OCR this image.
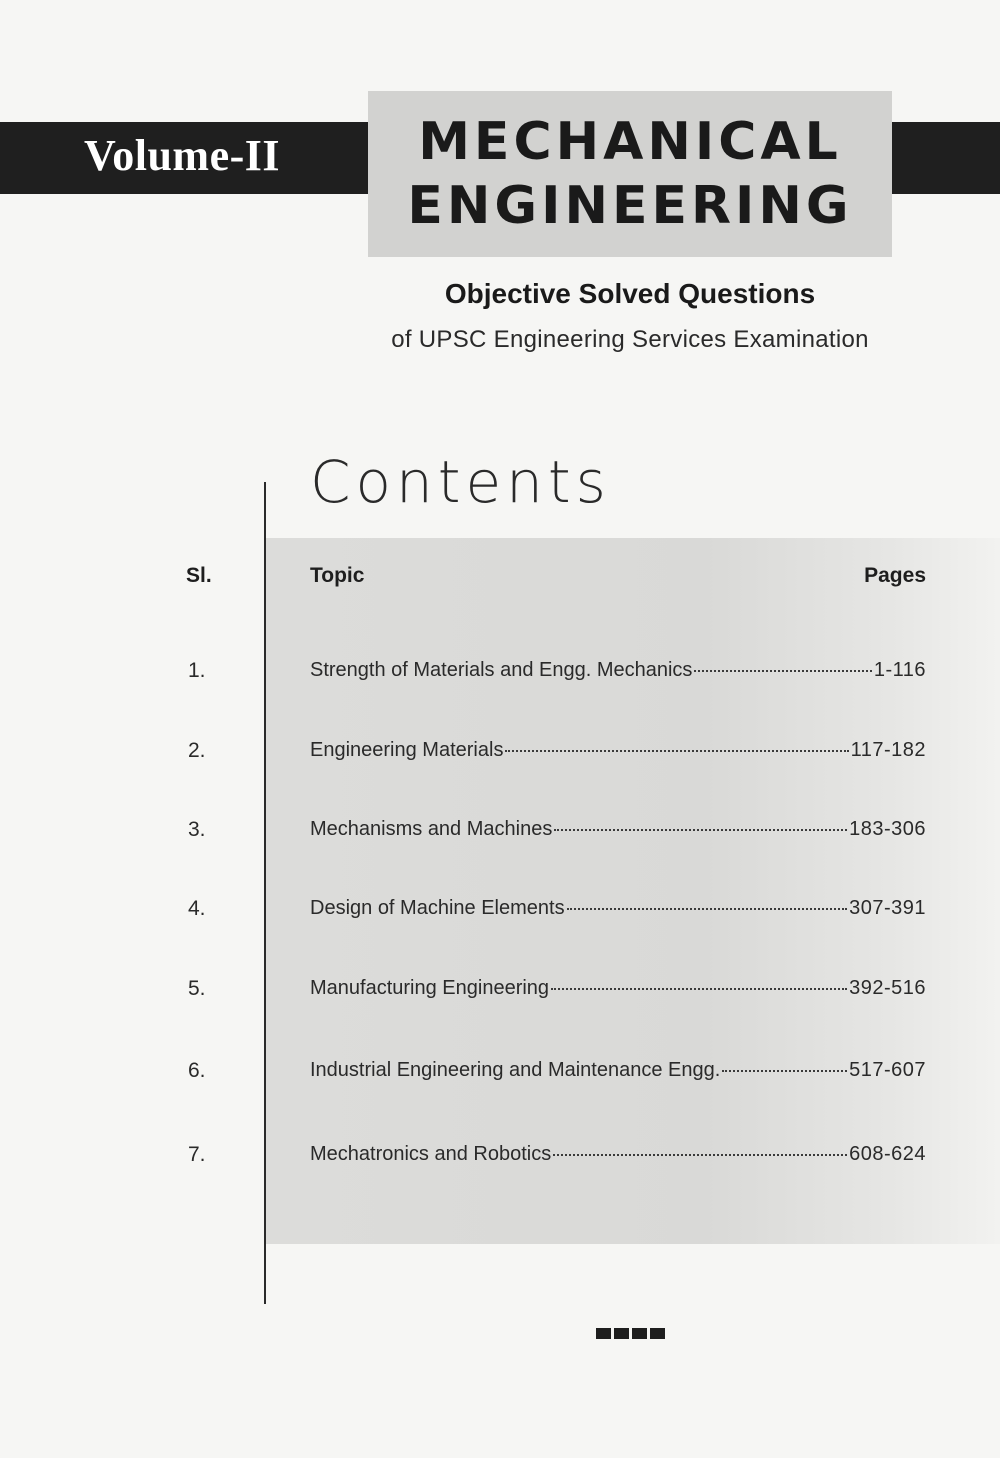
Volume-II	MECHANICAL
ENGINEERING
Objective Solved Questions
of UPSC Engineering Services Examination
Contents
Sl.	Topic	Pages
1.	Strength of Materials and Engg. Mechanics	1-116
2.	Engineering Materials	117-182
3.	Mechanisms and Machines	183-306
4.	Design of Machine Elements	307-391
5.	Manufacturing Engineering	392-516
6.	Industrial Engineering and Maintenance Engg.	517-607
7.	Mechatronics and Robotics	608-624
